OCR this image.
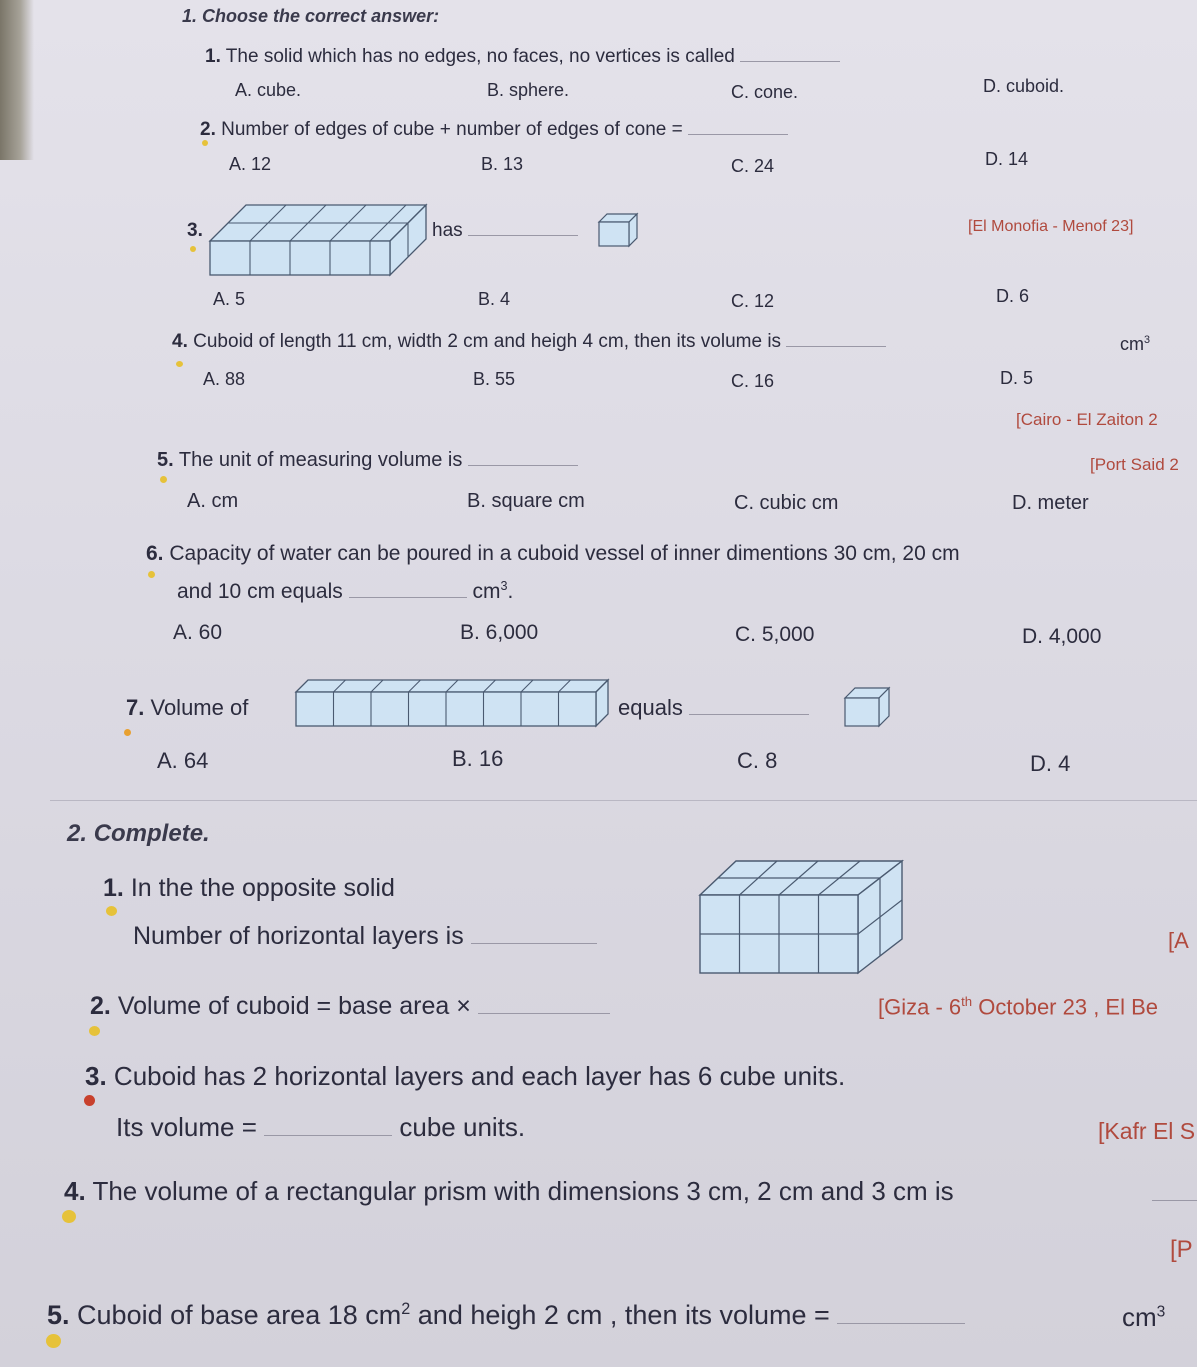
1. Choose the correct answer:
1. The solid which has no edges, no faces, no vertices is called
A. cube.	B. sphere.	C. cone.	D. cuboid.
2. Number of edges of cube + number of edges of cone =
A. 12	B. 13	C. 24	D. 14
3.	has	[El Monofia - Menof 23]
A. 5	B. 4	C. 12	D. 6
4. Cuboid of length 11 cm, width 2 cm and heigh 4 cm, then its volume is	$cm^3$
A. 88	B. 55	C. 16	D. 5
[Cairo - El Zaiton 2
5. The unit of measuring volume is	[Port Said 2
A. cm	B. square cm	C. cubic cm	D. meter
6. Capacity of water can be poured in a cuboid vessel of inner dimentions 30 cm, 20 cm
and 10 cm equals	$cm^3$.
A. 60	B. 6,000	C. 5,000	D. 4,000
7. Volume of	equals
A. 64	B. 16	C. 8	D. 4
2. Complete.
1. In the the opposite solid
Number of horizontal layers is	[A
2. Volume of cuboid = base area ×	[Giza - 6th October 23 , El Be
3. Cuboid has 2 horizontal layers and each layer has 6 cube units.
Its volume =	cube units.	[Kafr El S
4. The volume of a rectangular prism with dimensions 3 cm, 2 cm and 3 cm is
[P
5. Cuboid of base area 18 $cm^2$ and heigh 2 cm , then its volume =	$cm^3$
